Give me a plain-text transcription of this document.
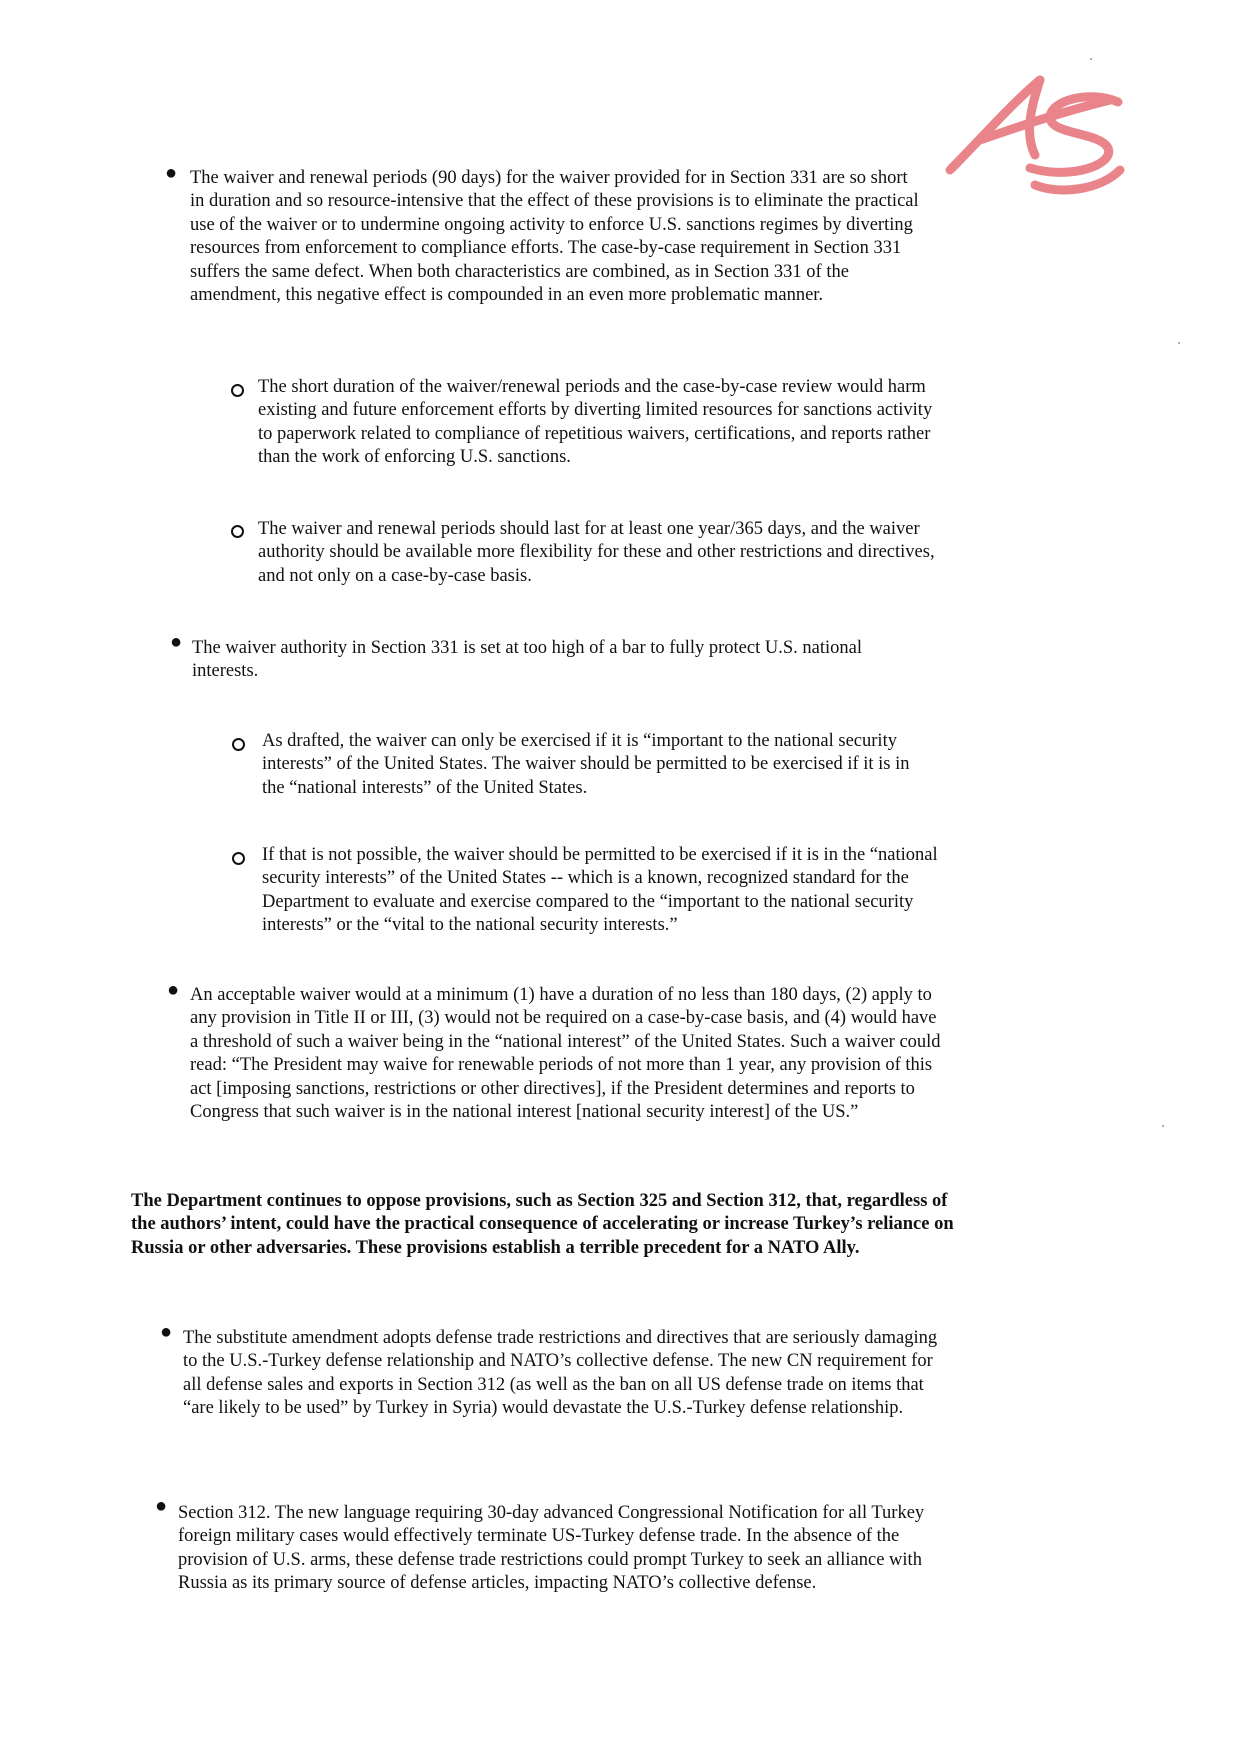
● The waiver and renewal periods (90 days) for the waiver provided for in Section 331 are so short in duration and so resource-intensive that the effect of these provisions is to eliminate the practical use of the waiver or to undermine ongoing activity to enforce U.S. sanctions regimes by diverting resources from enforcement to compliance efforts. The case-by-case requirement in Section 331 suffers the same defect. When both characteristics are combined, as in Section 331 of the amendment, this negative effect is compounded in an even more problematic manner.
The short duration of the waiver/renewal periods and the case-by-case review would harm existing and future enforcement efforts by diverting limited resources for sanctions activity to paperwork related to compliance of repetitious waivers, certifications, and reports rather than the work of enforcing U.S. sanctions.
The waiver and renewal periods should last for at least one year/365 days, and the waiver authority should be available more flexibility for these and other restrictions and directives, and not only on a case-by-case basis.
● The waiver authority in Section 331 is set at too high of a bar to fully protect U.S. national interests.
As drafted, the waiver can only be exercised if it is “important to the national security interests” of the United States. The waiver should be permitted to be exercised if it is in the “national interests” of the United States.
If that is not possible, the waiver should be permitted to be exercised if it is in the “national security interests” of the United States -- which is a known, recognized standard for the Department to evaluate and exercise compared to the “important to the national security interests” or the “vital to the national security interests.”
● An acceptable waiver would at a minimum (1) have a duration of no less than 180 days, (2) apply to any provision in Title II or III, (3) would not be required on a case-by-case basis, and (4) would have a threshold of such a waiver being in the “national interest” of the United States. Such a waiver could read: “The President may waive for renewable periods of not more than 1 year, any provision of this act [imposing sanctions, restrictions or other directives], if the President determines and reports to Congress that such waiver is in the national interest [national security interest] of the US.”
The Department continues to oppose provisions, such as Section 325 and Section 312, that, regardless of the authors’ intent, could have the practical consequence of accelerating or increase Turkey’s reliance on Russia or other adversaries. These provisions establish a terrible precedent for a NATO Ally.
● The substitute amendment adopts defense trade restrictions and directives that are seriously damaging to the U.S.-Turkey defense relationship and NATO’s collective defense. The new CN requirement for all defense sales and exports in Section 312 (as well as the ban on all US defense trade on items that “are likely to be used” by Turkey in Syria) would devastate the U.S.-Turkey defense relationship.
● Section 312. The new language requiring 30-day advanced Congressional Notification for all Turkey foreign military cases would effectively terminate US-Turkey defense trade. In the absence of the provision of U.S. arms, these defense trade restrictions could prompt Turkey to seek an alliance with Russia as its primary source of defense articles, impacting NATO’s collective defense.
